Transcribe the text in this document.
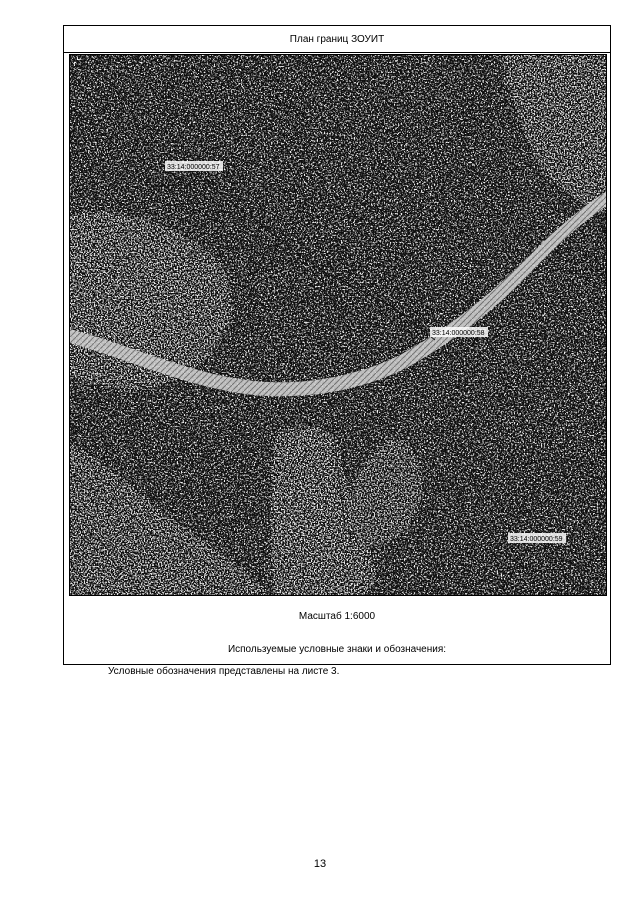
План границ ЗОУИТ
33:14:000000:57
33:14:000000:58
33:14:000000:59
Масштаб 1:6000
Используемые условные знаки и обозначения:
Условные обозначения представлены на листе 3.
13
